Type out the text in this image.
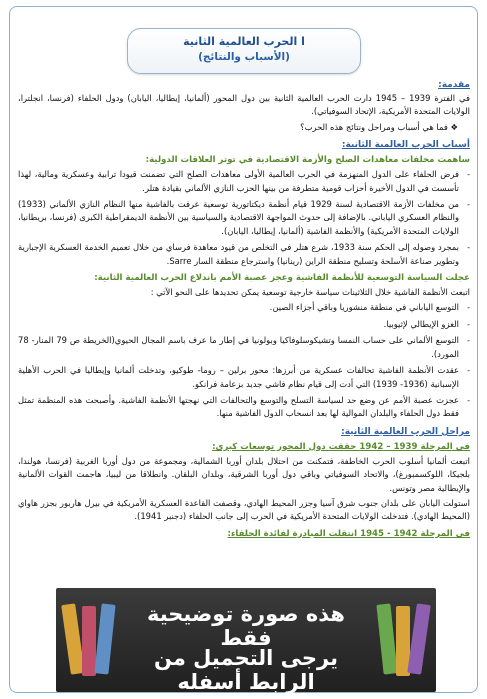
ا الحرب العالمية الثانية
(الأسباب والنتائج)
مقدمة:

في الفترة 1939 – 1945 دارت الحرب العالمية الثانية بين دول المحور (ألمانيا، إيطاليا، اليابان) ودول الحلفاء (فرنسا، انجلترا، الولايات المتحدة الأمريكية، الإتحاد السوفياتي).

❖ فما هي أسباب ومراحل ونتائج هذه الحرب؟
أسباب الحرب العالمية الثانية:
ساهمت مخلفات معاهدات الصلح والأزمة الاقتصادية في توتر العلاقات الدولية:
-
فرض الحلفاء على الدول المنهزمة في الحرب العالمية الأولى معاهدات الصلح التي تضمنت قيودا ترابية وعسكرية ومالية، لهذا تأسست في الدول الأخيرة أحزاب قومية متطرفة من بينها الحزب النازي الألماني بقيادة هتلر.
-
من مخلفات الأزمة الاقتصادية لسنة 1929 قيام أنظمة ديكتاتورية توسعية عرفت بالفاشية منها النظام النازي الألماني (1933) والنظام العسكري الياباني. بالإضافة إلى حدوث المواجهة الاقتصادية والسياسية بين الأنظمة الديمقراطية الكبرى (فرنسا، بريطانيا، الولايات المتحدة الأمريكية) والأنظمة الفاشية (ألمانيا، إيطاليا، اليابان).
-
بمجرد وصوله إلى الحكم سنة 1933، شرع هتلر في التخلص من قيود معاهدة فرساي من خلال تعميم الخدمة العسكرية الإجبارية وتطوير صناعة الأسلحة وتسليح منطقة الراين (رينانيا) واسترجاع منطقة السار Sarre.
عجلت السياسة التوسعية للأنظمة الفاشية وعجز عصبة الأمم باندلاع الحرب العالمية الثانية:

اتبعت الأنظمة الفاشية خلال الثلاثينات سياسة خارجية توسعية يمكن تحديدها على النحو الآتي :

-
التوسع الياباني في منطقة منشوريا وباقي أجزاء الصين.
-
الغزو الإيطالي لإثيوبيا.
-
التوسع الألماني على حساب النمسا وتشيكوسلوفاكيا وبولونيا في إطار ما عرف باسم المجال الحيوي(الخريطة ص 79 المنار- 78 المورد).
-
عقدت الأنظمة الفاشية تحالفات عسكرية من أبرزها: محور برلين – روما- طوكيو، وتدخلت ألمانيا وإيطاليا في الحرب الأهلية الإسبانية (1936- 1939) التي أدت إلى قيام نظام فاشي جديد بزعامة فرانكو.
-
عجزت عصبة الأمم عن وضع حد لسياسة التسلح والتوسع والتحالفات التي نهجتها الأنظمة الفاشية. وأصبحت هذه المنظمة تمثل فقط دول الحلفاء والبلدان الموالية لها بعد انسحاب الدول الفاشية منها.
مراحل الحرب العالمية الثانية:
في المرحلة 1939 – 1942 حققت دول المحور توسعات كبرى:

اتبعت ألمانيا أسلوب الحرب الخاطفة، فتمكنت من احتلال بلدان أوربا الشمالية، ومجموعة من دول أوربا الغربية (فرنسا، هولندا، بلجيكا، اللوكسمبورغ)، والاتحاد السوفياتي وباقي دول أوربا الشرقية، وبلدان البلقان. وانطلاقا من ليبيا، هاجمت القوات الألمانية والإيطالية مصر وتونس.

استولت اليابان على بلدان جنوب شرق آسيا وجزر المحيط الهادي، وقصفت القاعدة العسكرية الأمريكية في بيرل هاربور بجزر هاواي (المحيط الهادي). فتدخلت الولايات المتحدة الأمريكية في الحرب إلى جانب الحلفاء (دجنبر 1941).

في المرحلة 1942 - 1945 انتقلت المبادرة لفائدة الحلفاء:
هذه صورة توضيحية فقط
يرجى التحميل من الرابط أسفله
